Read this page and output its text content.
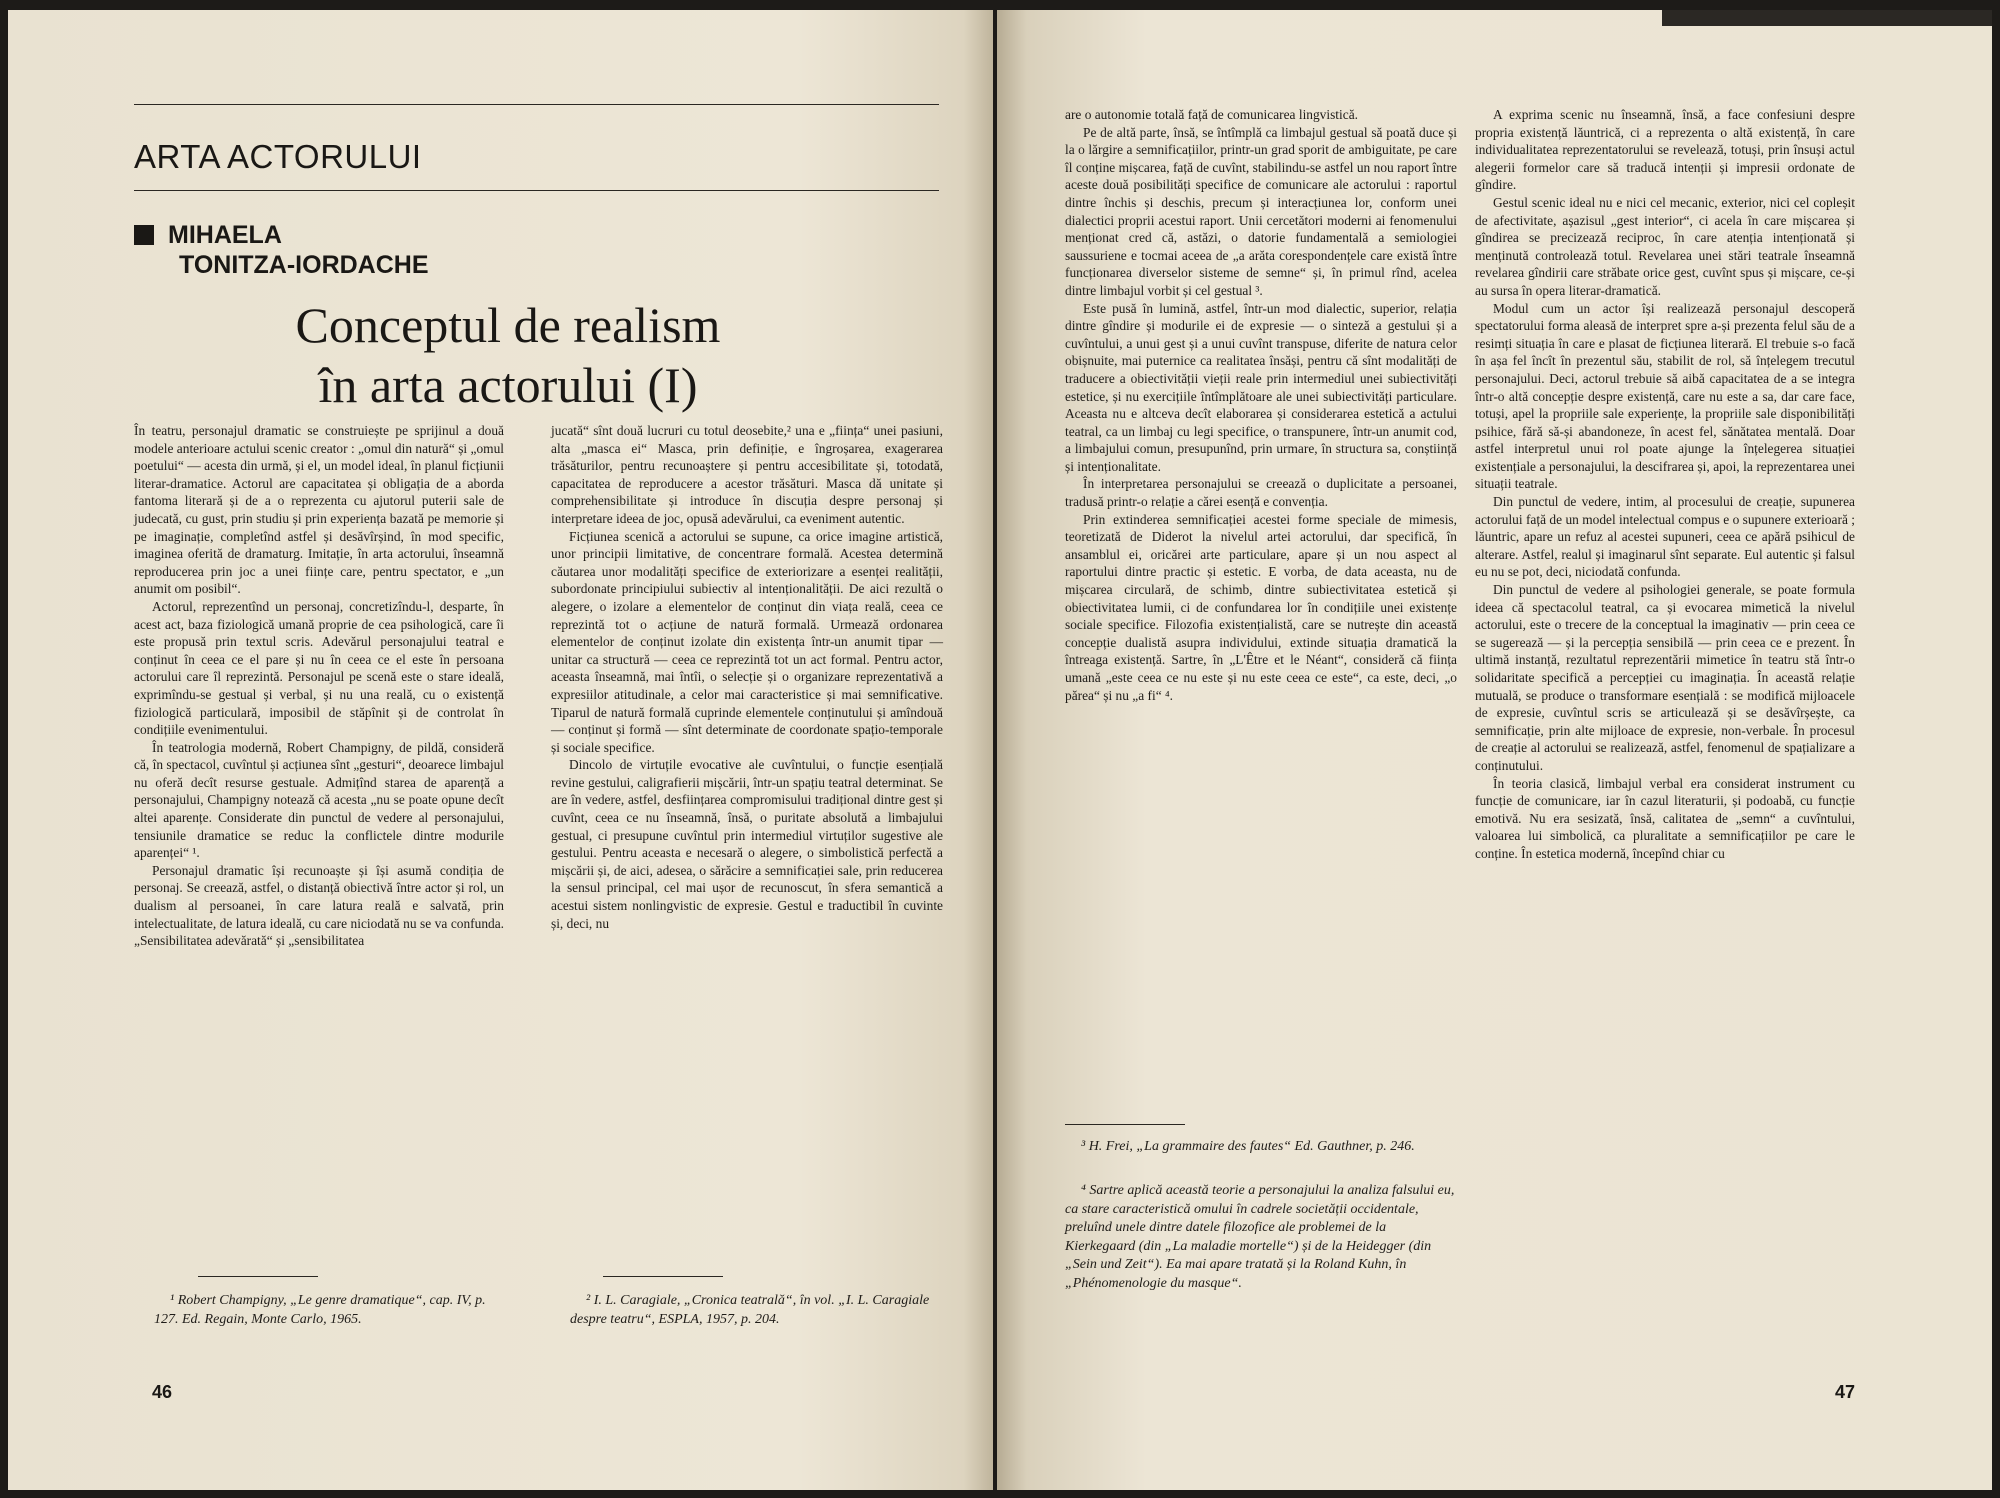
ARTA ACTORULUI
MIHAELA
TONITZA-IORDACHE
Conceptul de realism
în arta actorului (I)

În teatru, personajul dramatic se construiește pe sprijinul a două modele anterioare actului scenic creator : „omul din natură“ și „omul poetului“ — acesta din urmă, și el, un model ideal, în planul ficțiunii literar-dramatice. Actorul are capacitatea și obligația de a aborda fantoma literară și de a o reprezenta cu ajutorul puterii sale de judecată, cu gust, prin studiu și prin experiența bazată pe memorie și pe imaginație, completînd astfel și desăvîrșind, în mod specific, imaginea oferită de dramaturg. Imitație, în arta actorului, înseamnă reproducerea prin joc a unei ființe care, pentru spectator, e „un anumit om posibil“.

Actorul, reprezentînd un personaj, concretizîndu-l, desparte, în acest act, baza fiziologică umană proprie de cea psihologică, care îi este propusă prin textul scris. Adevărul personajului teatral e conținut în ceea ce el pare și nu în ceea ce el este în persoana actorului care îl reprezintă. Personajul pe scenă este o stare ideală, exprimîndu-se gestual și verbal, și nu una reală, cu o existență fiziologică particulară, imposibil de stăpînit și de controlat în condițiile evenimentului.

În teatrologia modernă, Robert Champigny, de pildă, consideră că, în spectacol, cuvîntul și acțiunea sînt „gesturi“, deoarece limbajul nu oferă decît resurse gestuale. Admițînd starea de aparență a personajului, Champigny notează că acesta „nu se poate opune decît altei aparențe. Considerate din punctul de vedere al personajului, tensiunile dramatice se reduc la conflictele dintre modurile aparenței“ ¹.

Personajul dramatic își recunoaște și își asumă condiția de personaj. Se creează, astfel, o distanță obiectivă între actor și rol, un dualism al persoanei, în care latura reală e salvată, prin intelectualitate, de latura ideală, cu care niciodată nu se va confunda. „Sensibilitatea adevărată“ și „sensibilitatea

jucată“ sînt două lucruri cu totul deosebite,² una e „ființa“ unei pasiuni, alta „masca ei“ Masca, prin definiție, e îngroșarea, exagerarea trăsăturilor, pentru recunoaștere și pentru accesibilitate și, totodată, capacitatea de reproducere a acestor trăsături. Masca dă unitate și comprehensibilitate și introduce în discuția despre personaj și interpretare ideea de joc, opusă adevărului, ca eveniment autentic.

Ficțiunea scenică a actorului se supune, ca orice imagine artistică, unor principii limitative, de concentrare formală. Acestea determină căutarea unor modalități specifice de exteriorizare a esenței realității, subordonate principiului subiectiv al intenționalității. De aici rezultă o alegere, o izolare a elementelor de conținut din viața reală, ceea ce reprezintă tot o acțiune de natură formală. Urmează ordonarea elementelor de conținut izolate din existența într-un anumit tipar — unitar ca structură — ceea ce reprezintă tot un act formal. Pentru actor, aceasta înseamnă, mai întîi, o selecție și o organizare reprezentativă a expresiilor atitudinale, a celor mai caracteristice și mai semnificative. Tiparul de natură formală cuprinde elementele conținutului și amîndouă — conținut și formă — sînt determinate de coordonate spațio-temporale și sociale specifice.

Dincolo de virtuțile evocative ale cuvîntului, o funcție esențială revine gestului, caligrafierii mișcării, într-un spațiu teatral determinat. Se are în vedere, astfel, desființarea compromisului tradițional dintre gest și cuvînt, ceea ce nu înseamnă, însă, o puritate absolută a limbajului gestual, ci presupune cuvîntul prin intermediul virtuților sugestive ale gestului. Pentru aceasta e necesară o alegere, o simbolistică perfectă a mișcării și, de aici, adesea, o sărăcire a semnificației sale, prin reducerea la sensul principal, cel mai ușor de recunoscut, în sfera semantică a acestui sistem nonlingvistic de expresie. Gestul e traductibil în cuvinte și, deci, nu

¹ Robert Champigny, „Le genre dramatique“, cap. IV, p. 127. Ed. Regain, Monte Carlo, 1965.

² I. L. Caragiale, „Cronica teatrală“, în vol. „I. L. Caragiale despre teatru“, ESPLA, 1957, p. 204.

46

are o autonomie totală față de comunicarea lingvistică.

Pe de altă parte, însă, se întîmplă ca limbajul gestual să poată duce și la o lărgire a semnificațiilor, printr-un grad sporit de ambiguitate, pe care îl conține mișcarea, față de cuvînt, stabilindu-se astfel un nou raport între aceste două posibilități specifice de comunicare ale actorului : raportul dintre închis și deschis, precum și interacțiunea lor, conform unei dialectici proprii acestui raport. Unii cercetători moderni ai fenomenului menționat cred că, astăzi, o datorie fundamentală a semiologiei saussuriene e tocmai aceea de „a arăta corespondențele care există între funcționarea diverselor sisteme de semne“ și, în primul rînd, acelea dintre limbajul vorbit și cel gestual ³.

Este pusă în lumină, astfel, într-un mod dialectic, superior, relația dintre gîndire și modurile ei de expresie — o sinteză a gestului și a cuvîntului, a unui gest și a unui cuvînt transpuse, diferite de natura celor obișnuite, mai puternice ca realitatea însăși, pentru că sînt modalități de traducere a obiectivității vieții reale prin intermediul unei subiectivități estetice, și nu exercițiile întîmplătoare ale unei subiectivități particulare. Aceasta nu e altceva decît elaborarea și considerarea estetică a actului teatral, ca un limbaj cu legi specifice, o transpunere, într-un anumit cod, a limbajului comun, presupunînd, prin urmare, în structura sa, conștiință și intenționalitate.

În interpretarea personajului se creează o duplicitate a persoanei, tradusă printr-o relație a cărei esență e convenția.

Prin extinderea semnificației acestei forme speciale de mimesis, teoretizată de Diderot la nivelul artei actorului, dar specifică, în ansamblul ei, oricărei arte particulare, apare și un nou aspect al raportului dintre practic și estetic. E vorba, de data aceasta, nu de mișcarea circulară, de schimb, dintre subiectivitatea estetică și obiectivitatea lumii, ci de confundarea lor în condițiile unei existențe sociale specifice. Filozofia existențialistă, care se nutrește din această concepție dualistă asupra individului, extinde situația dramatică la întreaga existență. Sartre, în „L'Être et le Néant“, consideră că ființa umană „este ceea ce nu este și nu este ceea ce este“, ca este, deci, „o părea“ și nu „a fi“ ⁴.

³ H. Frei, „La grammaire des fautes“ Ed. Gauthner, p. 246.

⁴ Sartre aplică această teorie a personajului la analiza falsului eu, ca stare caracteristică omului în cadrele societății occidentale, preluînd unele dintre datele filozofice ale problemei de la Kierkegaard (din „La maladie mortelle“) și de la Heidegger (din „Sein und Zeit“). Ea mai apare tratată și la Roland Kuhn, în „Phénomenologie du masque“.

A exprima scenic nu înseamnă, însă, a face confesiuni despre propria existență lăuntrică, ci a reprezenta o altă existență, în care individualitatea reprezentatorului se revelează, totuși, prin însuși actul alegerii formelor care să traducă intenții și impresii ordonate de gîndire.

Gestul scenic ideal nu e nici cel mecanic, exterior, nici cel copleșit de afectivitate, așazisul „gest interior“, ci acela în care mișcarea și gîndirea se precizează reciproc, în care atenția intenționată și menținută controlează totul. Revelarea unei stări teatrale înseamnă revelarea gîndirii care străbate orice gest, cuvînt spus și mișcare, ce-și au sursa în opera literar-dramatică.

Modul cum un actor își realizează personajul descoperă spectatorului forma aleasă de interpret spre a-și prezenta felul său de a resimți situația în care e plasat de ficțiunea literară. El trebuie s-o facă în așa fel încît în prezentul său, stabilit de rol, să înțelegem trecutul personajului. Deci, actorul trebuie să aibă capacitatea de a se integra într-o altă concepție despre existență, care nu este a sa, dar care face, totuși, apel la propriile sale experiențe, la propriile sale disponibilități psihice, fără să-și abandoneze, în acest fel, sănătatea mentală. Doar astfel interpretul unui rol poate ajunge la înțelegerea situației existențiale a personajului, la descifrarea și, apoi, la reprezentarea unei situații teatrale.

Din punctul de vedere, intim, al procesului de creație, supunerea actorului față de un model intelectual compus e o supunere exterioară ; lăuntric, apare un refuz al acestei supuneri, ceea ce apără psihicul de alterare. Astfel, realul și imaginarul sînt separate. Eul autentic și falsul eu nu se pot, deci, niciodată confunda.

Din punctul de vedere al psihologiei generale, se poate formula ideea că spectacolul teatral, ca și evocarea mimetică la nivelul actorului, este o trecere de la conceptual la imaginativ — prin ceea ce se sugerează — și la percepția sensibilă — prin ceea ce e prezent. În ultimă instanță, rezultatul reprezentării mimetice în teatru stă într-o solidaritate specifică a percepției cu imaginația. În această relație mutuală, se produce o transformare esențială : se modifică mijloacele de expresie, cuvîntul scris se articulează și se desăvîrșește, ca semnificație, prin alte mijloace de expresie, non-verbale. În procesul de creație al actorului se realizează, astfel, fenomenul de spațializare a conținutului.

În teoria clasică, limbajul verbal era considerat instrument cu funcție de comunicare, iar în cazul literaturii, și podoabă, cu funcție emotivă. Nu era sesizată, însă, calitatea de „semn“ a cuvîntului, valoarea lui simbolică, ca pluralitate a semnificațiilor pe care le conține. În estetica modernă, începînd chiar cu

47
